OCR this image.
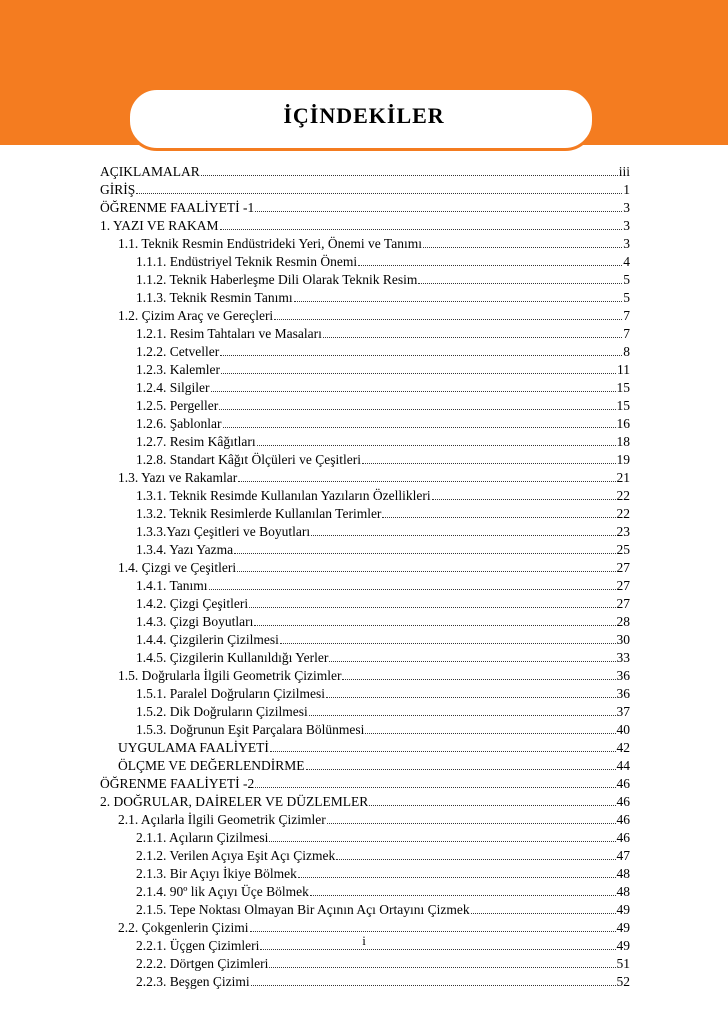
İÇİNDEKİLER
AÇIKLAMALAR	iii
GİRİŞ	1
ÖĞRENME FAALİYETİ -1	3
1. YAZI VE RAKAM	3
1.1. Teknik Resmin Endüstrideki Yeri, Önemi ve Tanımı	3
1.1.1. Endüstriyel Teknik Resmin Önemi	4
1.1.2. Teknik Haberleşme Dili Olarak Teknik Resim	5
1.1.3. Teknik Resmin Tanımı	5
1.2. Çizim Araç ve Gereçleri	7
1.2.1. Resim Tahtaları ve Masaları	7
1.2.2. Cetveller	8
1.2.3. Kalemler	11
1.2.4. Silgiler	15
1.2.5. Pergeller	15
1.2.6. Şablonlar	16
1.2.7. Resim Kâğıtları	18
1.2.8. Standart Kâğıt Ölçüleri ve Çeşitleri	19
1.3. Yazı ve Rakamlar	21
1.3.1. Teknik Resimde Kullanılan Yazıların Özellikleri	22
1.3.2. Teknik Resimlerde Kullanılan Terimler	22
1.3.3.Yazı Çeşitleri ve Boyutları	23
1.3.4. Yazı Yazma	25
1.4. Çizgi ve Çeşitleri	27
1.4.1. Tanımı	27
1.4.2. Çizgi Çeşitleri	27
1.4.3. Çizgi Boyutları	28
1.4.4. Çizgilerin Çizilmesi	30
1.4.5. Çizgilerin Kullanıldığı Yerler	33
1.5. Doğrularla İlgili Geometrik Çizimler	36
1.5.1. Paralel Doğruların Çizilmesi	36
1.5.2. Dik Doğruların Çizilmesi	37
1.5.3. Doğrunun Eşit Parçalara Bölünmesi	40
UYGULAMA FAALİYETİ	42
ÖLÇME VE DEĞERLENDİRME	44
ÖĞRENME FAALİYETİ -2	46
2. DOĞRULAR, DAİRELER VE DÜZLEMLER	46
2.1. Açılarla İlgili Geometrik Çizimler	46
2.1.1. Açıların Çizilmesi	46
2.1.2. Verilen Açıya Eşit Açı Çizmek	47
2.1.3. Bir Açıyı İkiye Bölmek	48
2.1.4. 90º lik Açıyı Üçe Bölmek	48
2.1.5. Tepe Noktası Olmayan Bir Açının Açı Ortayını Çizmek	49
2.2. Çokgenlerin Çizimi	49
2.2.1. Üçgen Çizimleri	49
2.2.2. Dörtgen Çizimleri	51
2.2.3. Beşgen Çizimi	52
i
